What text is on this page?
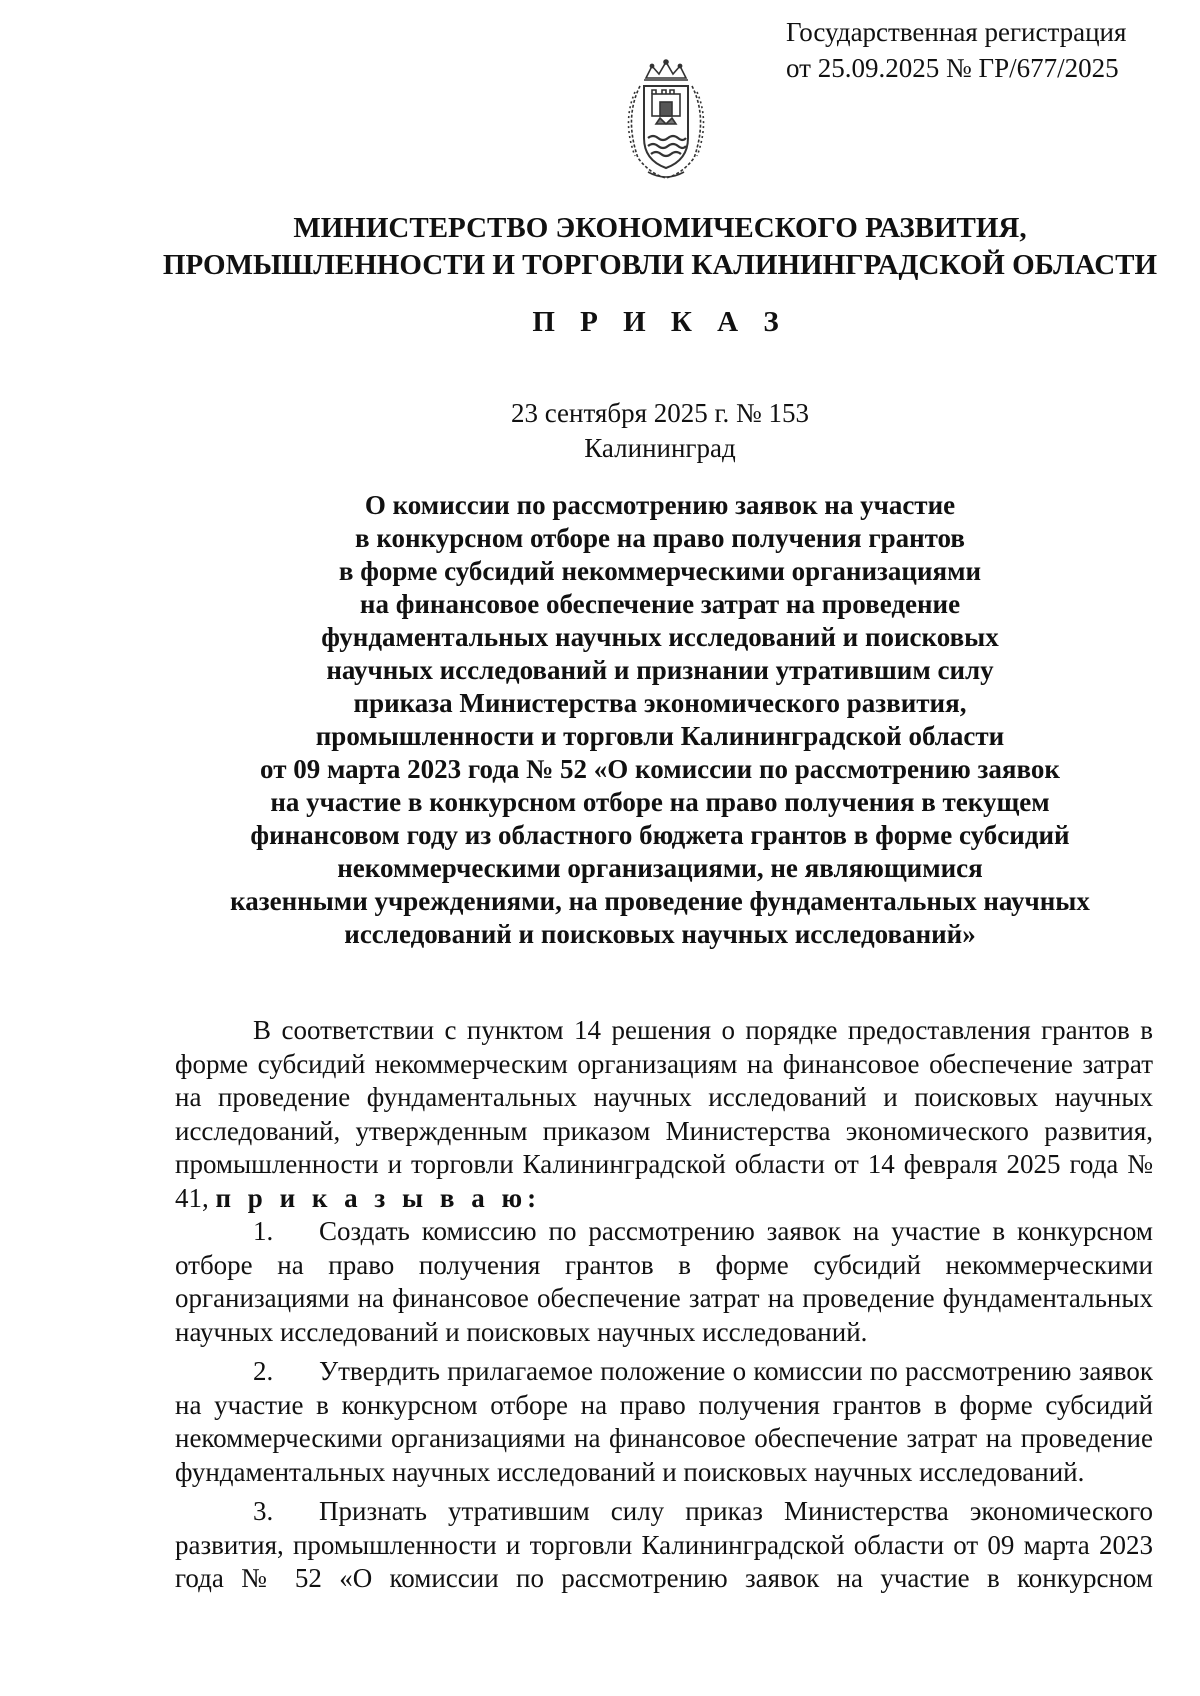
Государственная регистрация
от 25.09.2025 № ГР/677/2025
МИНИСТЕРСТВО ЭКОНОМИЧЕСКОГО РАЗВИТИЯ,
ПРОМЫШЛЕННОСТИ И ТОРГОВЛИ КАЛИНИНГРАДСКОЙ ОБЛАСТИ
П Р И К А З
23 сентября 2025 г. № 153
Калининград
О комиссии по рассмотрению заявок на участие
в конкурсном отборе на право получения грантов
в форме субсидий некоммерческими организациями
на финансовое обеспечение затрат на проведение
фундаментальных научных исследований и поисковых
научных исследований и признании утратившим силу
приказа Министерства экономического развития,
промышленности и торговли Калининградской области
от 09 марта 2023 года № 52 «О комиссии по рассмотрению заявок
на участие в конкурсном отборе на право получения в текущем
финансовом году из областного бюджета грантов в форме субсидий
некоммерческими организациями, не являющимися
казенными учреждениями, на проведение фундаментальных научных
исследований и поисковых научных исследований»

В соответствии с пунктом 14 решения о порядке предоставления грантов в форме субсидий некоммерческим организациям на финансовое обеспечение затрат на проведение фундаментальных научных исследований и поисковых научных исследований, утвержденным приказом Министерства экономического развития, промышленности и торговли Калининградской области от 14 февраля 2025 года № 41, п р и к а з ы в а ю:

1. Создать комиссию по рассмотрению заявок на участие в конкурсном отборе на право получения грантов в форме субсидий некоммерческими организациями на финансовое обеспечение затрат на проведение фундаментальных научных исследований и поисковых научных исследований.

2. Утвердить прилагаемое положение о комиссии по рассмотрению заявок на участие в конкурсном отборе на право получения грантов в форме субсидий некоммерческими организациями на финансовое обеспечение затрат на проведение фундаментальных научных исследований и поисковых научных исследований.

3. Признать утратившим силу приказ Министерства экономического развития, промышленности и торговли Калининградской области от 09 марта 2023 года № 52 «О комиссии по рассмотрению заявок на участие в конкурсном
